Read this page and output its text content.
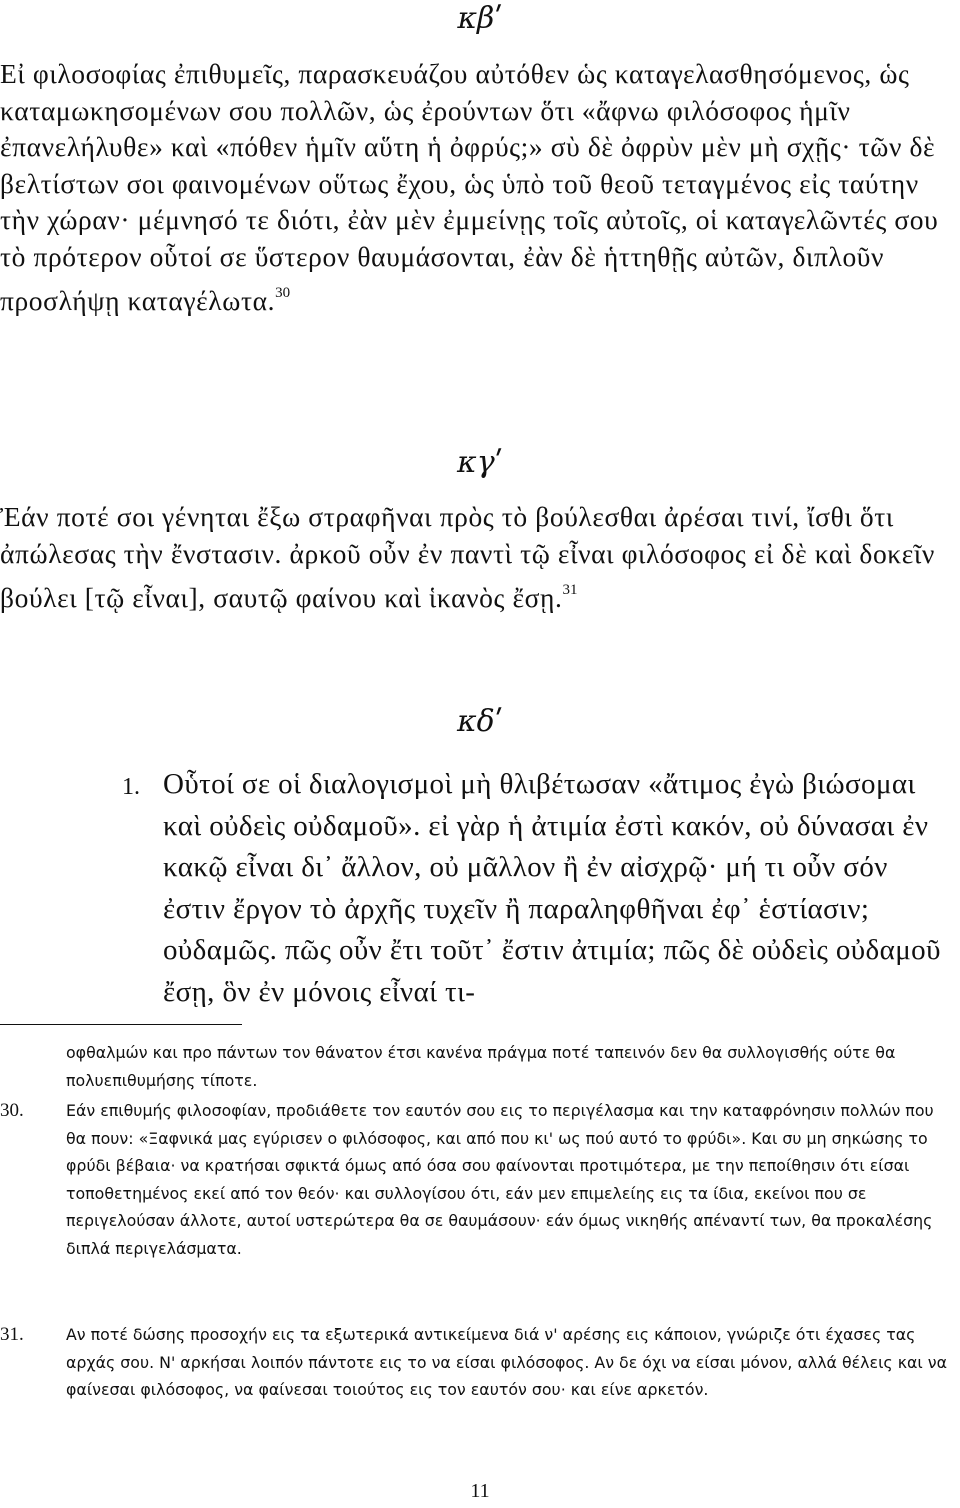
κβʹ

Εἰ φιλοσοφίας ἐπιθυμεῖς, παρασκευάζου αὐτόθεν ὡς καταγελασθησόμενος, ὡς καταμωκησομένων σου πολλῶν, ὡς ἐρούντων ὅτι «ἄφνω φιλόσοφος ἡμῖν ἐπανελήλυθε» καὶ «πόθεν ἡμῖν αὕτη ἡ ὀφρύς;» σὺ δὲ ὀφρὺν μὲν μὴ σχῇς· τῶν δὲ βελτίστων σοι φαινομένων οὕτως ἔχου, ὡς ὑπὸ τοῦ θεοῦ τεταγμένος εἰς ταύτην τὴν χώραν· μέμνησό τε διότι, ἐὰν μὲν ἐμμείνῃς τοῖς αὐτοῖς, οἱ καταγελῶντές σου τὸ πρότερον οὗτοί σε ὕστερον θαυμάσονται, ἐὰν δὲ ἡττηθῇς αὐτῶν, διπλοῦν προσλήψῃ καταγέλωτα.$^{30}$

κγʹ

Ἐάν ποτέ σοι γένηται ἔξω στραφῆναι πρὸς τὸ βούλεσθαι ἀρέσαι τινί, ἴσθι ὅτι ἀπώλεσας τὴν ἔνστασιν. ἀρκοῦ οὖν ἐν παντὶ τῷ εἶναι φιλόσοφος εἰ δὲ καὶ δοκεῖν βούλει [τῷ εἶναι], σαυτῷ φαίνου καὶ ἱκανὸς ἔσῃ.$^{31}$

κδʹ
1. Οὗτοί σε οἱ διαλογισμοὶ μὴ θλιβέτωσαν «ἄτιμος ἐγὼ βιώσομαι καὶ οὐδεὶς οὐδαμοῦ». εἰ γὰρ ἡ ἀτιμία ἐστὶ κακόν, οὐ δύνασαι ἐν κακῷ εἶναι δι᾽ ἄλλον, οὐ μᾶλλον ἢ ἐν αἰσχρῷ· μή τι οὖν σόν ἐστιν ἔργον τὸ ἀρχῆς τυχεῖν ἢ παραληφθῆναι ἐφ᾽ ἑστίασιν; οὐδαμῶς. πῶς οὖν ἔτι τοῦτ᾽ ἔστιν ἀτιμία; πῶς δὲ οὐδεὶς οὐδαμοῦ ἔσῃ, ὃν ἐν μόνοις εἶναί τι-

οφθαλμών και προ πάντων τον θάνατον έτσι κανένα πράγμα ποτέ ταπεινόν δεν θα συλλογισθής ούτε θα πολυεπιθυμήσης τίποτε.

30.	Εάν επιθυμής φιλοσοφίαν, προδιάθετε τον εαυτόν σου εις το περιγέλασμα και την καταφρόνησιν πολλών που θα πουν: «Ξαφνικά μας εγύρισεν ο φιλόσοφος, και από που κι' ως πού αυτό το φρύδι». Και συ μη σηκώσης το φρύδι βέβαια· να κρατήσαι σφικτά όμως από όσα σου φαίνονται προτιμότερα, με την πεποίθησιν ότι είσαι τοποθετημένος εκεί από τον θεόν· και συλλογίσου ότι, εάν μεν επιμελείης εις τα ίδια, εκείνοι που σε περιγελούσαν άλλοτε, αυτοί υστερώτερα θα σε θαυμάσουν· εάν όμως νικηθής απέναντί των, θα προκαλέσης διπλά περιγελάσματα.

31.	Αν ποτέ δώσης προσοχήν εις τα εξωτερικά αντικείμενα διά ν' αρέσης εις κάποιον, γνώριζε ότι έχασες τας αρχάς σου. Ν' αρκήσαι λοιπόν πάντοτε εις το να είσαι φιλόσοφος. Αν δε όχι να είσαι μόνον, αλλά θέλεις και να φαίνεσαι φιλόσοφος, να φαίνεσαι τοιούτος εις τον εαυτόν σου· και είνε αρκετόν.

11
